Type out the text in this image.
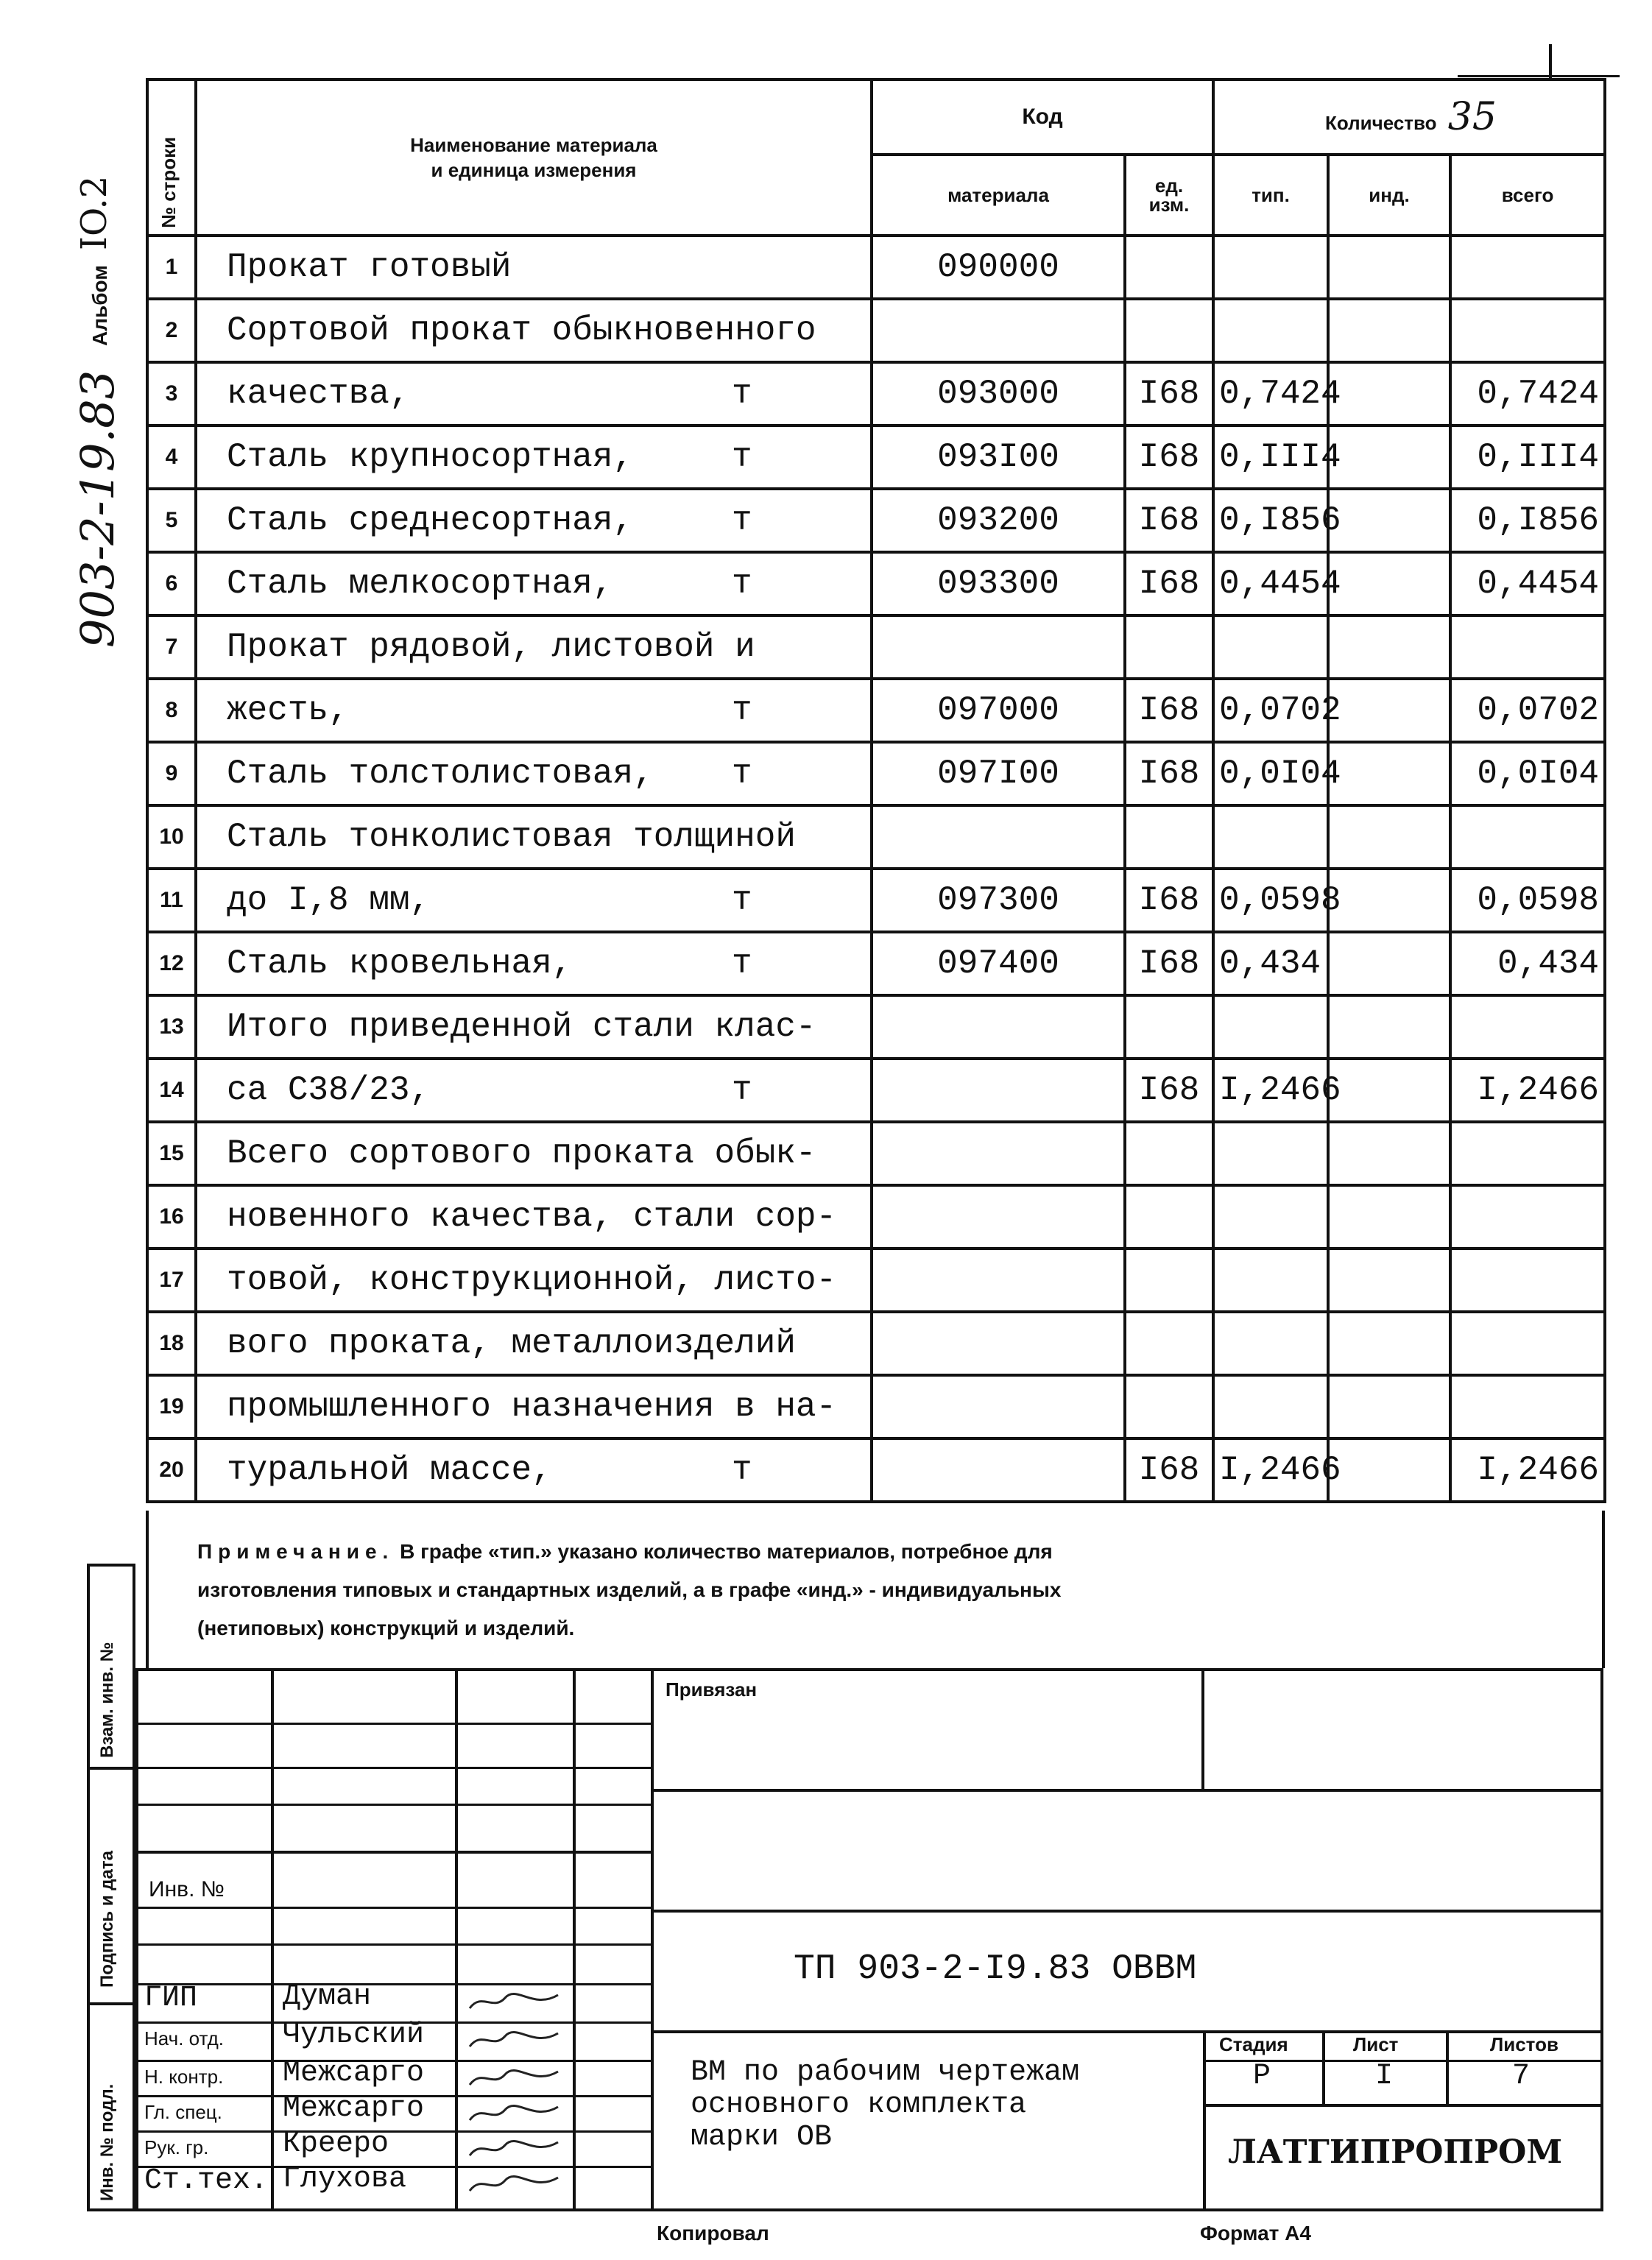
Альбом
IO.2
903-2-19.83
№ строки	Наименование материала
и единица измерения	Код		Количество 35		
		материала	ед.
изм.	тип.	инд.	всего
1	Прокат готовый	090000				
2	Сортовой прокат обыкновенного

3	качества, т	093000	I68	0,7424		0,7424
4	Сталь крупносортная, т	093I00	I68	0,III4		0,III4
5	Сталь среднесортная, т	093200	I68	0,I856		0,I856
6	Сталь мелкосортная, т	093300	I68	0,4454		0,4454
7	Прокат рядовой, листовой и

8	жесть, т	097000	I68	0,0702		0,0702
9	Сталь толстолистовая, т	097I00	I68	0,0I04		0,0I04
10	Сталь тонколистовая толщиной

11	до I,8 мм, т	097300	I68	0,0598		0,0598
12	Сталь кровельная, т	097400	I68	0,434		0,434
13	Итого приведенной стали клас-

14	са С38/23, т		I68	I,2466		I,2466
15	Всего сортового проката обык-

16	новенного качества, стали сор-

17	товой, конструкционной, листо-

18	вого проката, металлоизделий

19	промышленного назначения в на-

20	туральной массе, т		I68	I,2466		I,2466
Примечание. В графе «тип.» указано количество материалов, потребное для
изготовления типовых и стандартных изделий, а в графе «инд.» - индивидуальных
(нетиповых) конструкций и изделий.
Взам. инв. №
Подпись и дата
Инв. № подл.
Инв. №
ГИП	Думан
Нач. отд. Чульский
Н. контр. Межсарго
Гл. спец. Межсарго
Рук. гр.	Крееро
Ст.тех. Глухова
Привязан
ТП 903-2-I9.83 ОВВМ
ВМ по рабочим чертежам
основного комплекта
марки ОВ
Стадия	Лист	Листов
Р	I	7
ЛАТГИПРОПРОМ
Копировал	Формат А4
